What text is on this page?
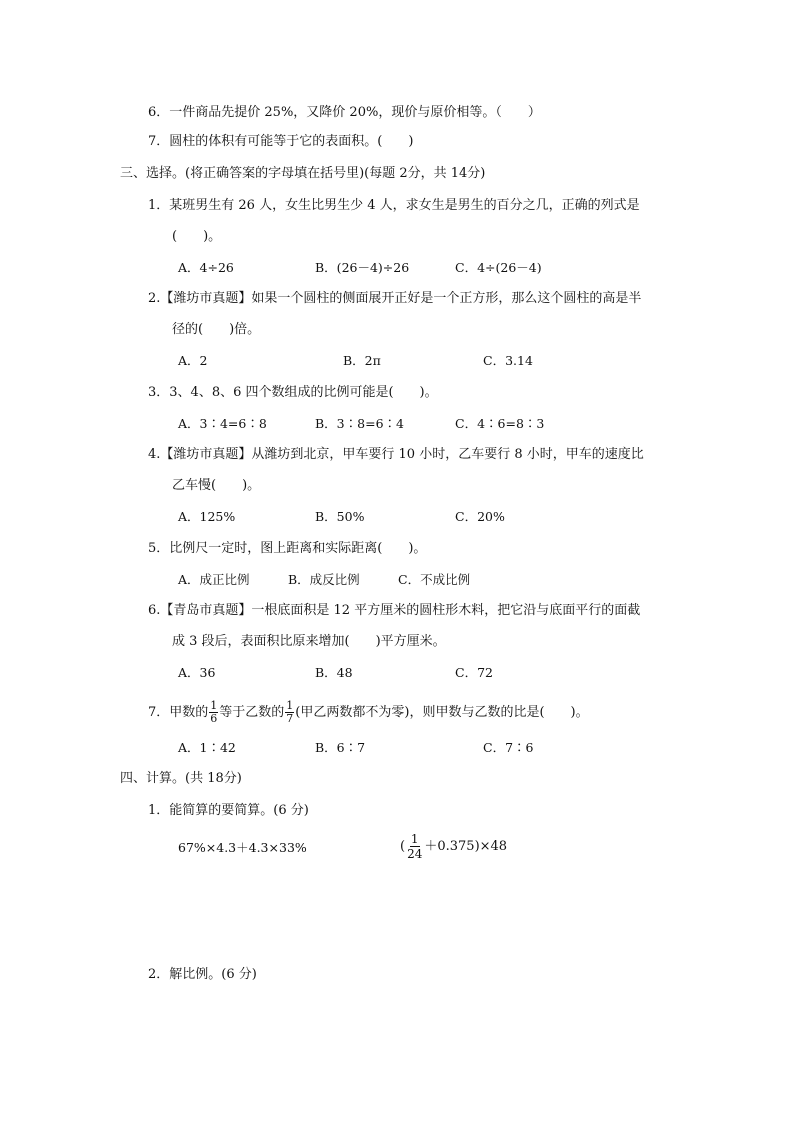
6．一件商品先提价 25%，又降价 20%，现价与原价相等。（　　）
7．圆柱的体积有可能等于它的表面积。(　　)
三、选择。(将正确答案的字母填在括号里)(每题 2分，共 14分)
1．某班男生有 26 人，女生比男生少 4 人，求女生是男生的百分之几，正确的列式是
(　　)。
A．4÷26	B．(26－4)÷26	C．4÷(26－4)
2.【潍坊市真题】如果一个圆柱的侧面展开正好是一个正方形，那么这个圆柱的高是半
径的(　　)倍。
A．2	B．2π	C．3.14
3．3、4、8、6 四个数组成的比例可能是(　　)。
A．3∶4=6∶8	B．3∶8=6∶4	C．4∶6=8∶3
4.【潍坊市真题】从潍坊到北京，甲车要行 10 小时，乙车要行 8 小时，甲车的速度比
乙车慢(　　)。
A．125%	B．50%	C．20%
5．比例尺一定时，图上距离和实际距离(　　)。
A．成正比例	B．成反比例	C．不成比例
6.【青岛市真题】一根底面积是 12 平方厘米的圆柱形木料，把它沿与底面平行的面截
成 3 段后，表面积比原来增加(　　)平方厘米。
A．36	B．48	C．72
7．甲数的 $\frac{1}{6}$ 等于乙数的 $\frac{1}{7}$ (甲乙两数都不为零)，则甲数与乙数的比是(　　)。
A．1∶42	B．6∶7	C．7∶6
四、计算。(共 18分)
1．能简算的要简算。(6 分)
67%×4.3＋4.3×33%	( $\frac{1}{24} +0.375)\times 48$
2．解比例。(6 分)
